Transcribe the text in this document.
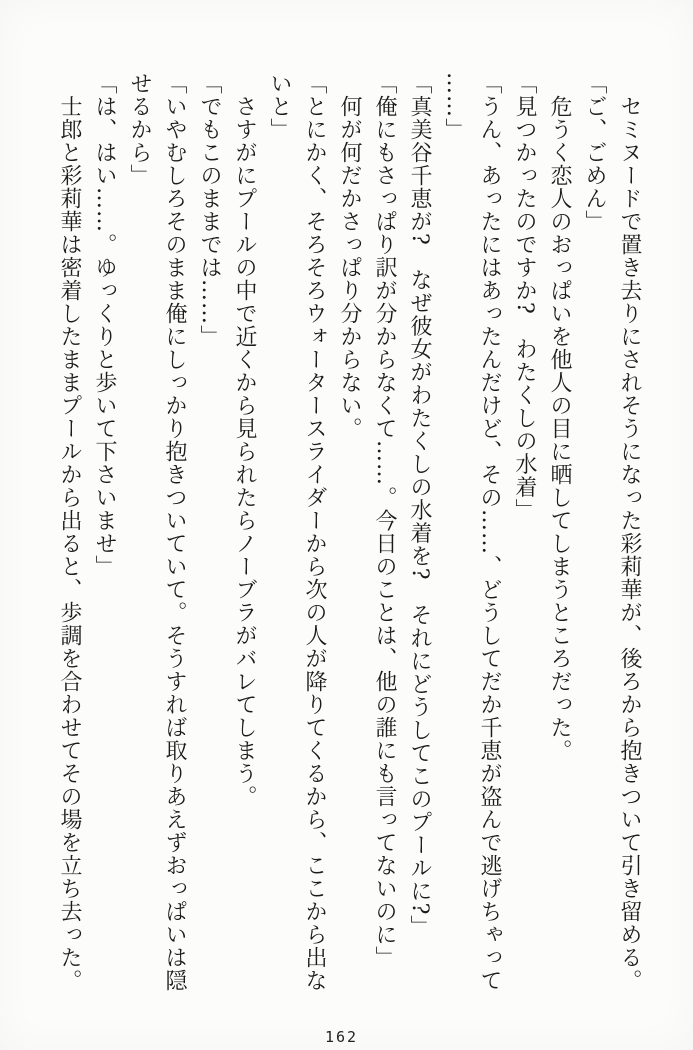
セミヌードで置き去りにされそうになった彩莉華が、後ろから抱きついて引き留める。

「ご、ごめん」

危うく恋人のおっぱいを他人の目に晒してしまうところだった。

「見つかったのですか?　わたくしの水着」

「うん、あったにはあったんだけど、その……、どうしてだか千恵が盗んで逃げちゃって

……」

「真美谷千恵が?　なぜ彼女がわたくしの水着を?　それにどうしてこのプールに?」

「俺にもさっぱり訳が分からなくて……。今日のことは、他の誰にも言ってないのに」

何が何だかさっぱり分からない。

「とにかく、そろそろウォータースライダーから次の人が降りてくるから、ここから出な

いと」

さすがにプールの中で近くから見られたらノーブラがバレてしまう。

「でもこのままでは……」

「いやむしろそのまま俺にしっかり抱きついていて。そうすれば取りあえずおっぱいは隠

せるから」

「は、はい……。ゆっくりと歩いて下さいませ」

士郎と彩莉華は密着したままプールから出ると、歩調を合わせてその場を立ち去った。

162
